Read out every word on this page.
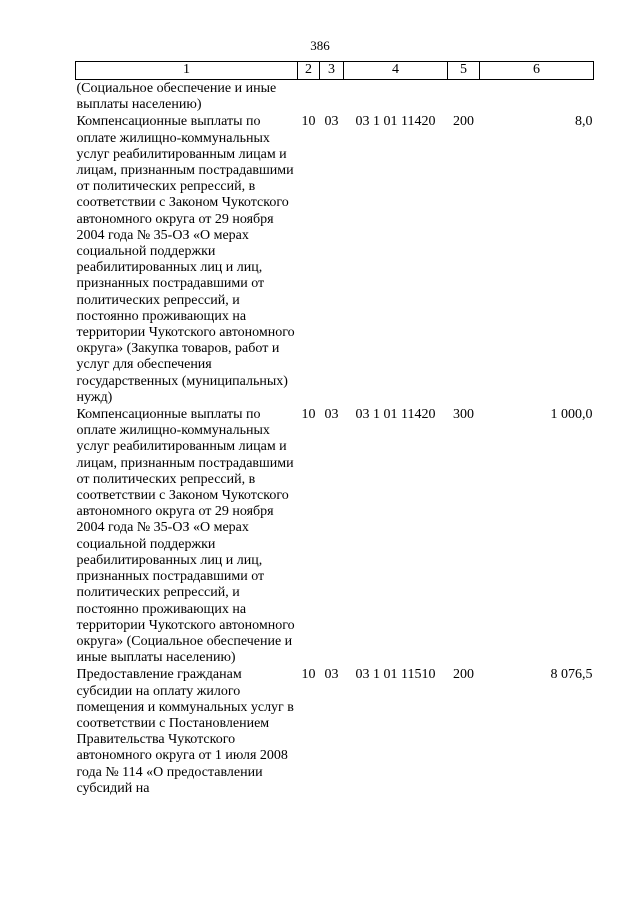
386
1	2	3	4	5	6
(Социальное обеспечение и иные выплаты населению)					
Компенсационные выплаты по оплате жилищно-коммунальных услуг реабилитированным лицам и лицам, признанным пострадавшими от политических репрессий, в соответствии с Законом Чукотского автономного округа от 29 ноября 2004 года № 35-ОЗ «О мерах социальной поддержки реабилитированных лиц и лиц, признанных пострадавшими от политических репрессий, и постоянно проживающих на территории Чукотского автономного округа» (Закупка товаров, работ и услуг для обеспечения государственных (муниципальных) нужд)	10	03	03 1 01 11420	200	8,0
Компенсационные выплаты по оплате жилищно-коммунальных услуг реабилитированным лицам и лицам, признанным пострадавшими от политических репрессий, в соответствии с Законом Чукотского автономного округа от 29 ноября 2004 года № 35-ОЗ «О мерах социальной поддержки реабилитированных лиц и лиц, признанных пострадавшими от политических репрессий, и постоянно проживающих на территории Чукотского автономного округа» (Социальное обеспечение и иные выплаты населению)	10	03	03 1 01 11420	300	1 000,0
Предоставление гражданам субсидии на оплату жилого помещения и коммунальных услуг в соответствии с Постановлением Правительства Чукотского автономного округа от 1 июля 2008 года № 114 «О предоставлении субсидий на	10	03	03 1 01 11510	200	8 076,5
